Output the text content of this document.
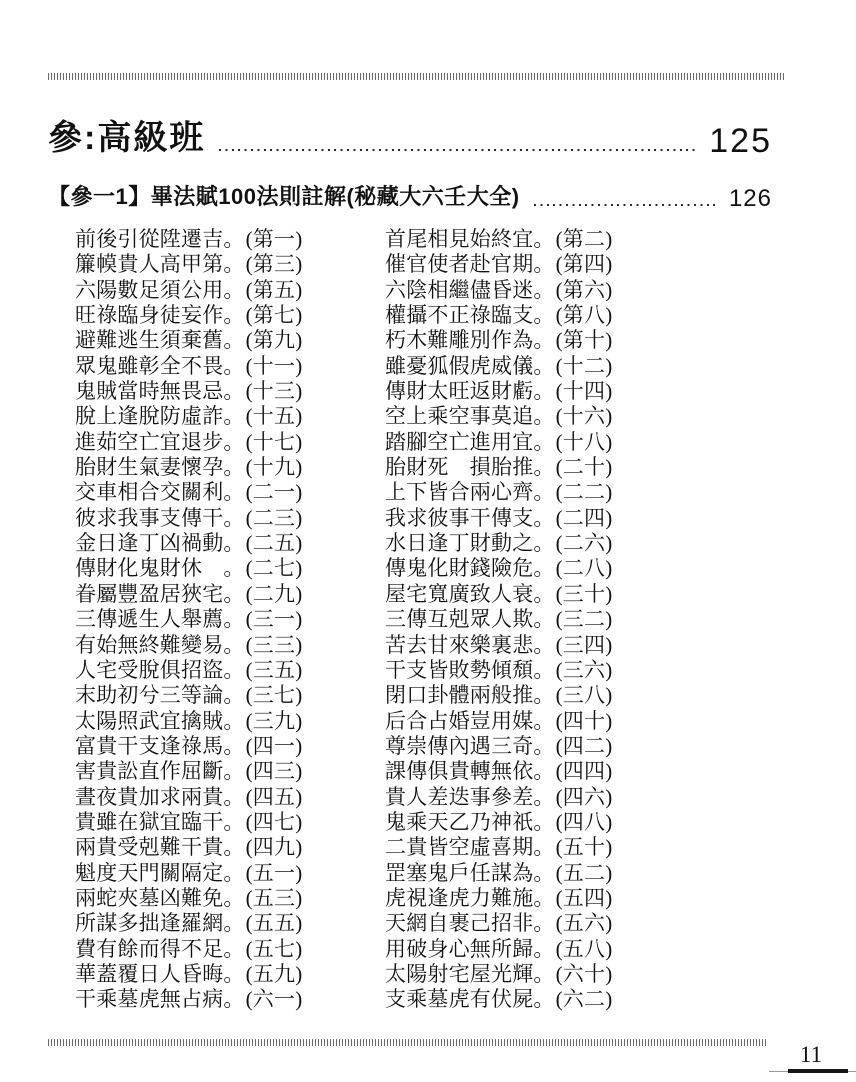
參:高級班	125
【參一1】畢法賦100法則註解(秘藏大六壬大全)	126
前後引從陞遷吉。(第一)
簾幙貴人高甲第。(第三)
六陽數足須公用。(第五)
旺祿臨身徒妄作。(第七)
避難逃生須棄舊。(第九)
眾鬼雖彰全不畏。(十一)
鬼賊當時無畏忌。(十三)
脫上逢脫防虛詐。(十五)
進茹空亡宜退步。(十七)
胎財生氣妻懷孕。(十九)
交車相合交關利。(二一)
彼求我事支傳干。(二三)
金日逢丁凶禍動。(二五)
傳財化鬼財休　。(二七)
眷屬豐盈居狹宅。(二九)
三傳遞生人舉薦。(三一)
有始無終難變易。(三三)
人宅受脫俱招盜。(三五)
末助初兮三等論。(三七)
太陽照武宜擒賊。(三九)
富貴干支逢祿馬。(四一)
害貴訟直作屈斷。(四三)
晝夜貴加求兩貴。(四五)
貴雖在獄宜臨干。(四七)
兩貴受剋難干貴。(四九)
魁度天門關隔定。(五一)
兩蛇夾墓凶難免。(五三)
所謀多拙逢羅網。(五五)
費有餘而得不足。(五七)
華蓋覆日人昏晦。(五九)
干乘墓虎無占病。(六一)
首尾相見始終宜。(第二)
催官使者赴官期。(第四)
六陰相繼儘昏迷。(第六)
權攝不正祿臨支。(第八)
朽木難雕別作為。(第十)
雖憂狐假虎威儀。(十二)
傳財太旺返財虧。(十四)
空上乘空事莫追。(十六)
踏腳空亡進用宜。(十八)
胎財死　損胎推。(二十)
上下皆合兩心齊。(二二)
我求彼事干傳支。(二四)
水日逢丁財動之。(二六)
傳鬼化財錢險危。(二八)
屋宅寬廣致人衰。(三十)
三傳互剋眾人欺。(三二)
苦去甘來樂裏悲。(三四)
干支皆敗勢傾頹。(三六)
閉口卦體兩般推。(三八)
后合占婚豈用媒。(四十)
尊崇傳內遇三奇。(四二)
課傳俱貴轉無依。(四四)
貴人差迭事參差。(四六)
鬼乘天乙乃神祇。(四八)
二貴皆空虛喜期。(五十)
罡塞鬼戶任謀為。(五二)
虎視逢虎力難施。(五四)
天網自裹己招非。(五六)
用破身心無所歸。(五八)
太陽射宅屋光輝。(六十)
支乘墓虎有伏屍。(六二)
11
